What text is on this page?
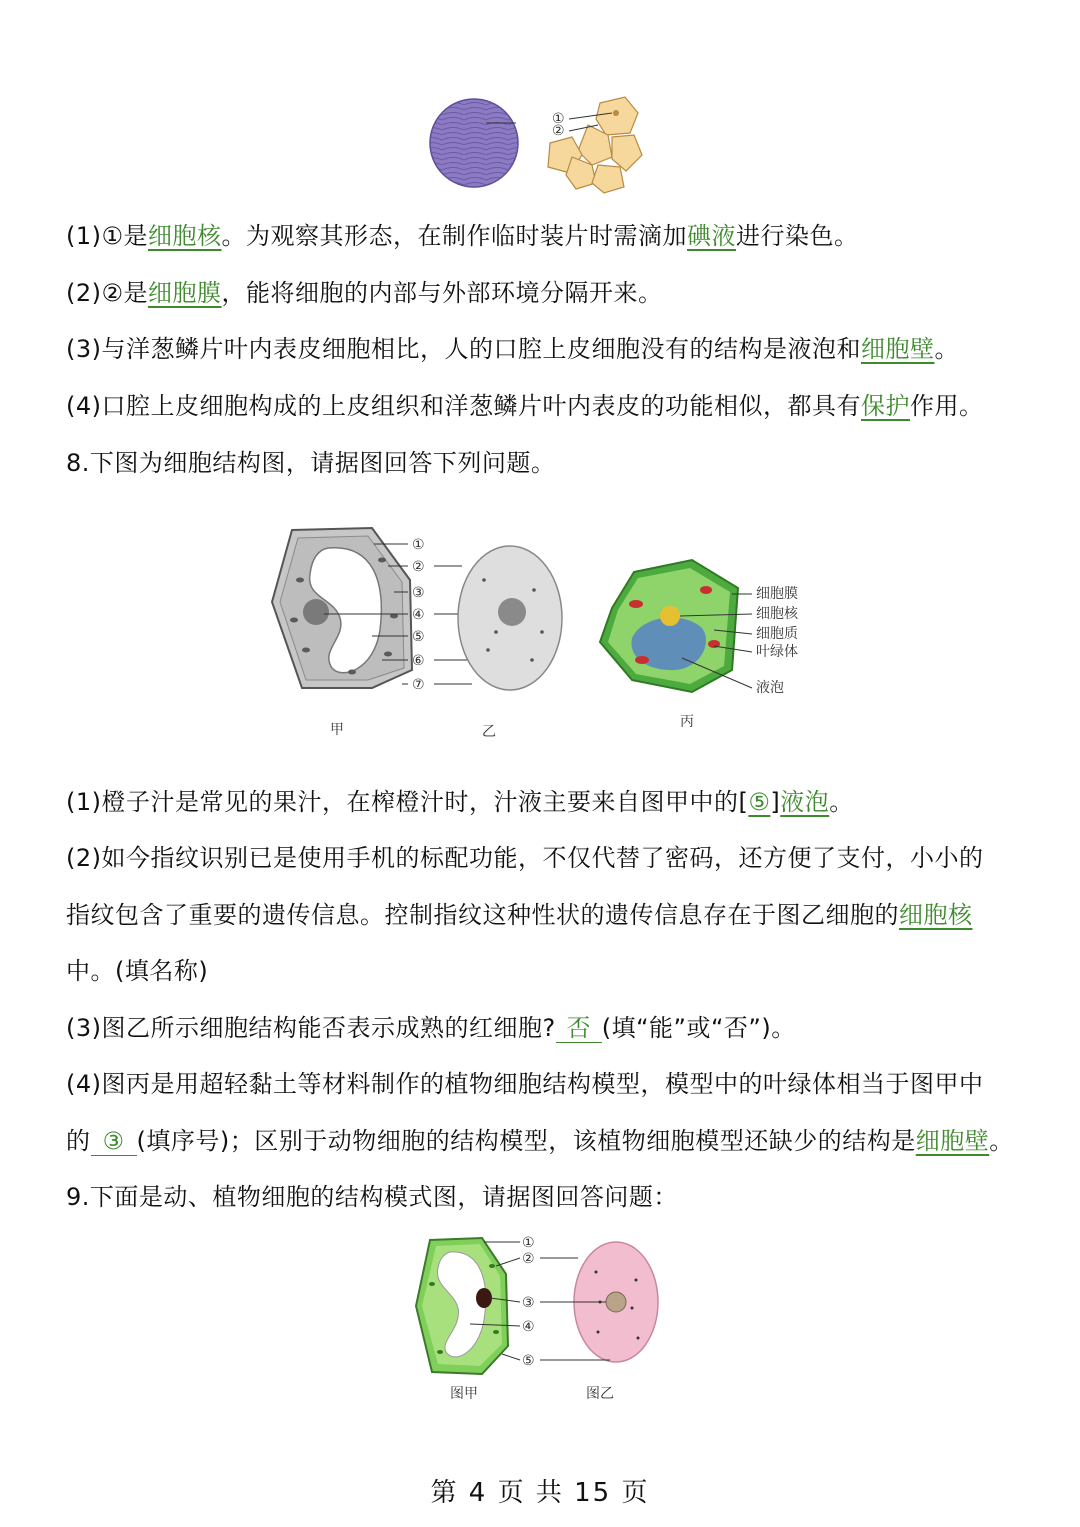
①
②
(1)①是细胞核。为观察其形态，在制作临时装片时需滴加碘液进行染色。
(2)②是细胞膜，能将细胞的内部与外部环境分隔开来。
(3)与洋葱鳞片叶内表皮细胞相比，人的口腔上皮细胞没有的结构是液泡和细胞壁。
(4)口腔上皮细胞构成的上皮组织和洋葱鳞片叶内表皮的功能相似，都具有保护作用。
8.下图为细胞结构图，请据图回答下列问题。
①
②
③
④
⑤
⑥
⑦
细胞膜
细胞核
细胞质
叶绿体
液泡
甲	乙
丙
(1)橙子汁是常见的果汁，在榨橙汁时，汁液主要来自图甲中的[⑤]液泡。
(2)如今指纹识别已是使用手机的标配功能，不仅代替了密码，还方便了支付，小小的
指纹包含了重要的遗传信息。控制指纹这种性状的遗传信息存在于图乙细胞的细胞核
中。(填名称)
(3)图乙所示细胞结构能否表示成熟的红细胞? 否 (填“能”或“否”)。
(4)图丙是用超轻黏土等材料制作的植物细胞结构模型，模型中的叶绿体相当于图甲中
的 ③ (填序号)；区别于动物细胞的结构模型，该植物细胞模型还缺少的结构是细胞壁。
9.下面是动、植物细胞的结构模式图，请据图回答问题：
①
②
③
④
⑤
图甲	图乙
第 4 页 共 15 页
